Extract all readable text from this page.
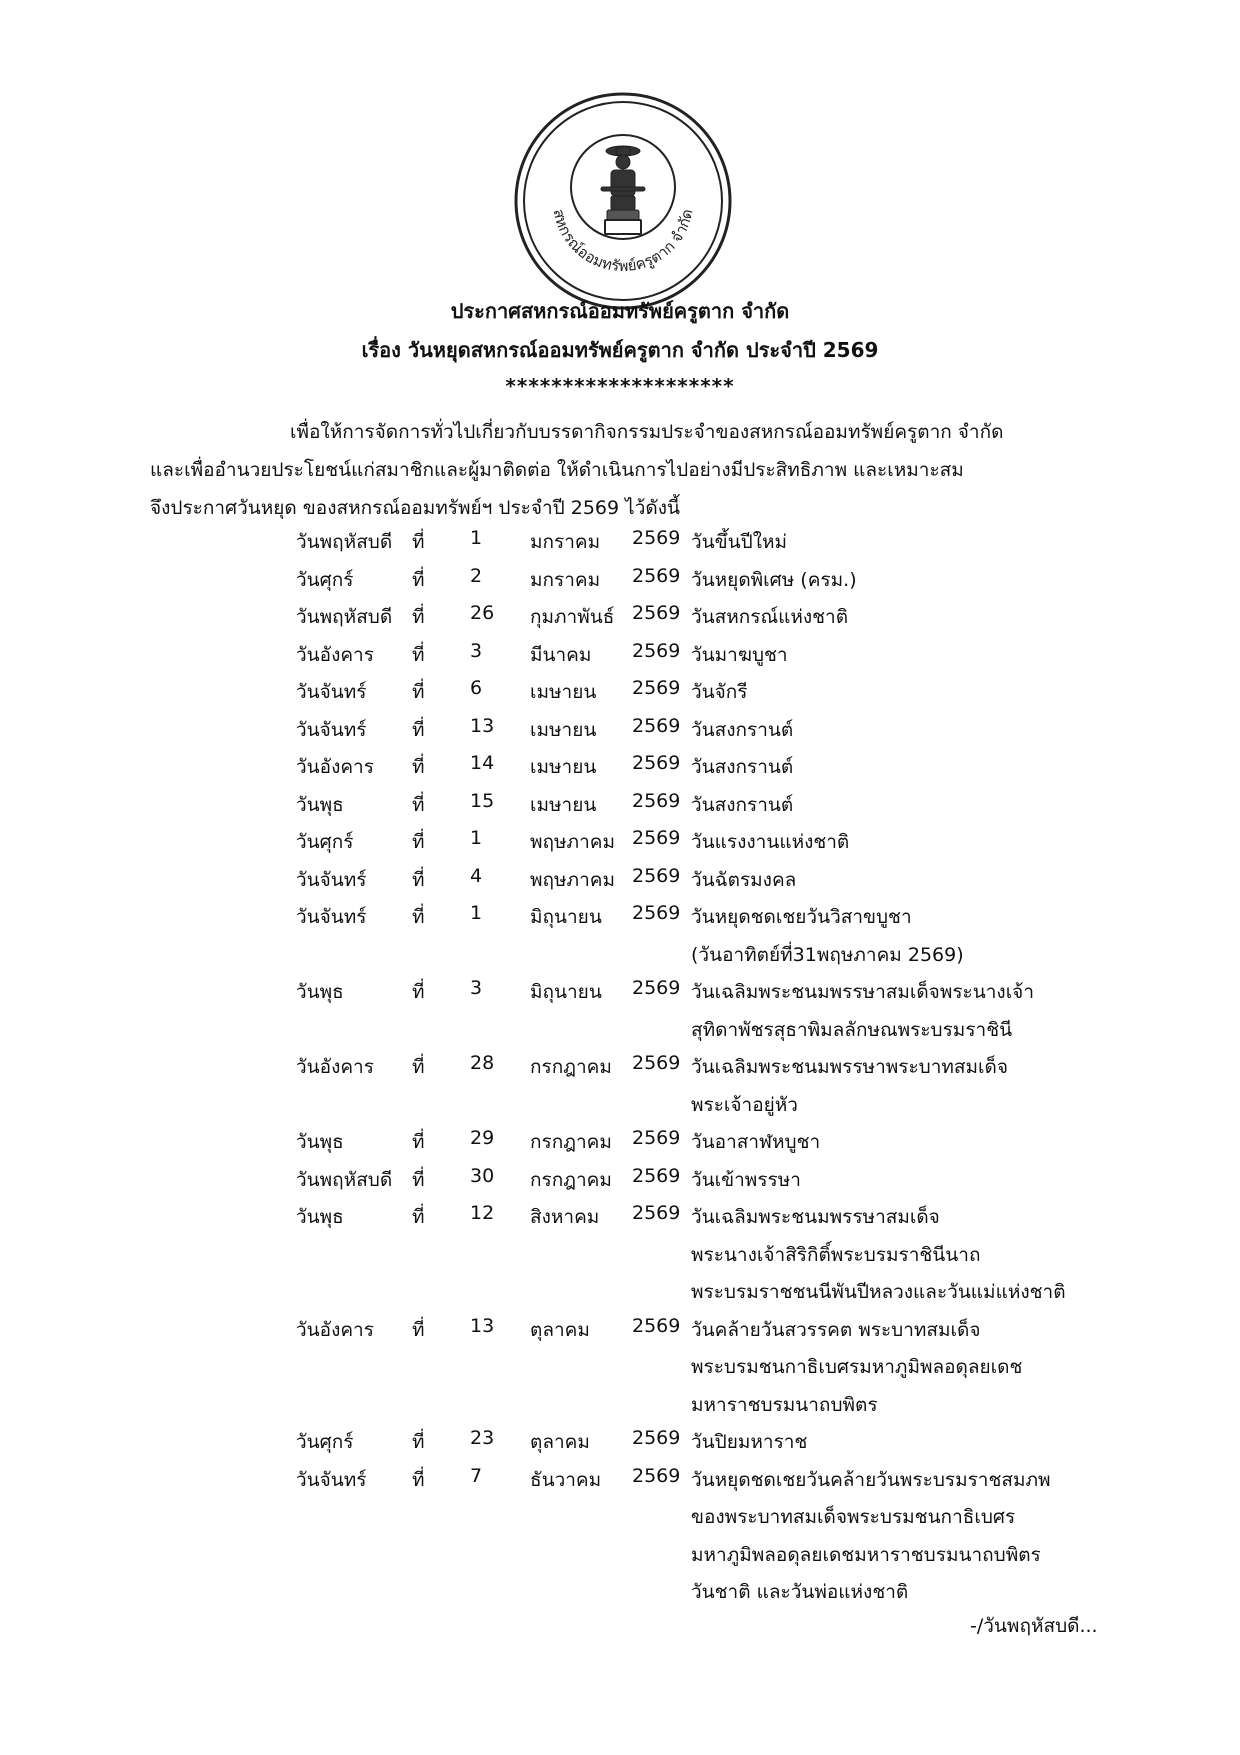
สหกรณ์ออมทรัพย์ครูตาก จำกัด
ประกาศสหกรณ์ออมทรัพย์ครูตาก จำกัด
เรื่อง วันหยุดสหกรณ์ออมทรัพย์ครูตาก จำกัด ประจำปี 2569
********************
เพื่อให้การจัดการทั่วไปเกี่ยวกับบรรดากิจกรรมประจำของสหกรณ์ออมทรัพย์ครูตาก จำกัด
และเพื่ออำนวยประโยชน์แก่สมาชิกและผู้มาติดต่อ ให้ดำเนินการไปอย่างมีประสิทธิภาพ และเหมาะสม
จึงประกาศวันหยุด ของสหกรณ์ออมทรัพย์ฯ ประจำปี 2569 ไว้ดังนี้
วันพฤหัสบดี ที่ 1	มกราคม 2569 วันขึ้นปีใหม่
วันศุกร์	ที่ 2	มกราคม 2569 วันหยุดพิเศษ (ครม.)
วันพฤหัสบดี ที่ 26 กุมภาพันธ์ 2569 วันสหกรณ์แห่งชาติ
วันอังคาร ที่ 3	มีนาคม 2569 วันมาฆบูชา
วันจันทร์ ที่ 6	เมษายน 2569 วันจักรี
วันจันทร์ ที่ 13 เมษายน 2569 วันสงกรานต์
วันอังคาร ที่ 14 เมษายน 2569 วันสงกรานต์
วันพุธ	ที่ 15 เมษายน 2569 วันสงกรานต์
วันศุกร์	ที่ 1	พฤษภาคม 2569 วันแรงงานแห่งชาติ
วันจันทร์ ที่ 4	พฤษภาคม 2569 วันฉัตรมงคล
วันจันทร์ ที่ 1	มิถุนายน 2569 วันหยุดชดเชยวันวิสาขบูชา
(วันอาทิตย์ที่31พฤษภาคม 2569)
วันพุธ	ที่ 3	มิถุนายน 2569 วันเฉลิมพระชนมพรรษาสมเด็จพระนางเจ้า
สุทิดาพัชรสุธาพิมลลักษณพระบรมราชินี
วันอังคาร ที่ 28 กรกฎาคม 2569 วันเฉลิมพระชนมพรรษาพระบาทสมเด็จ
พระเจ้าอยู่หัว
วันพุธ	ที่ 29 กรกฎาคม 2569 วันอาสาฬหบูชา
วันพฤหัสบดี ที่ 30 กรกฎาคม 2569 วันเข้าพรรษา
วันพุธ	ที่ 12 สิงหาคม 2569 วันเฉลิมพระชนมพรรษาสมเด็จ
พระนางเจ้าสิริกิติ์พระบรมราชินีนาถ
พระบรมราชชนนีพันปีหลวงและวันแม่แห่งชาติ
วันอังคาร ที่ 13 ตุลาคม 2569 วันคล้ายวันสวรรคต พระบาทสมเด็จ
พระบรมชนกาธิเบศรมหาภูมิพลอดุลยเดช
มหาราชบรมนาถบพิตร
วันศุกร์	ที่ 23 ตุลาคม 2569 วันปิยมหาราช
วันจันทร์ ที่ 7	ธันวาคม 2569 วันหยุดชดเชยวันคล้ายวันพระบรมราชสมภพ
ของพระบาทสมเด็จพระบรมชนกาธิเบศร
มหาภูมิพลอดุลยเดชมหาราชบรมนาถบพิตร
วันชาติ และวันพ่อแห่งชาติ
-/วันพฤหัสบดี...
